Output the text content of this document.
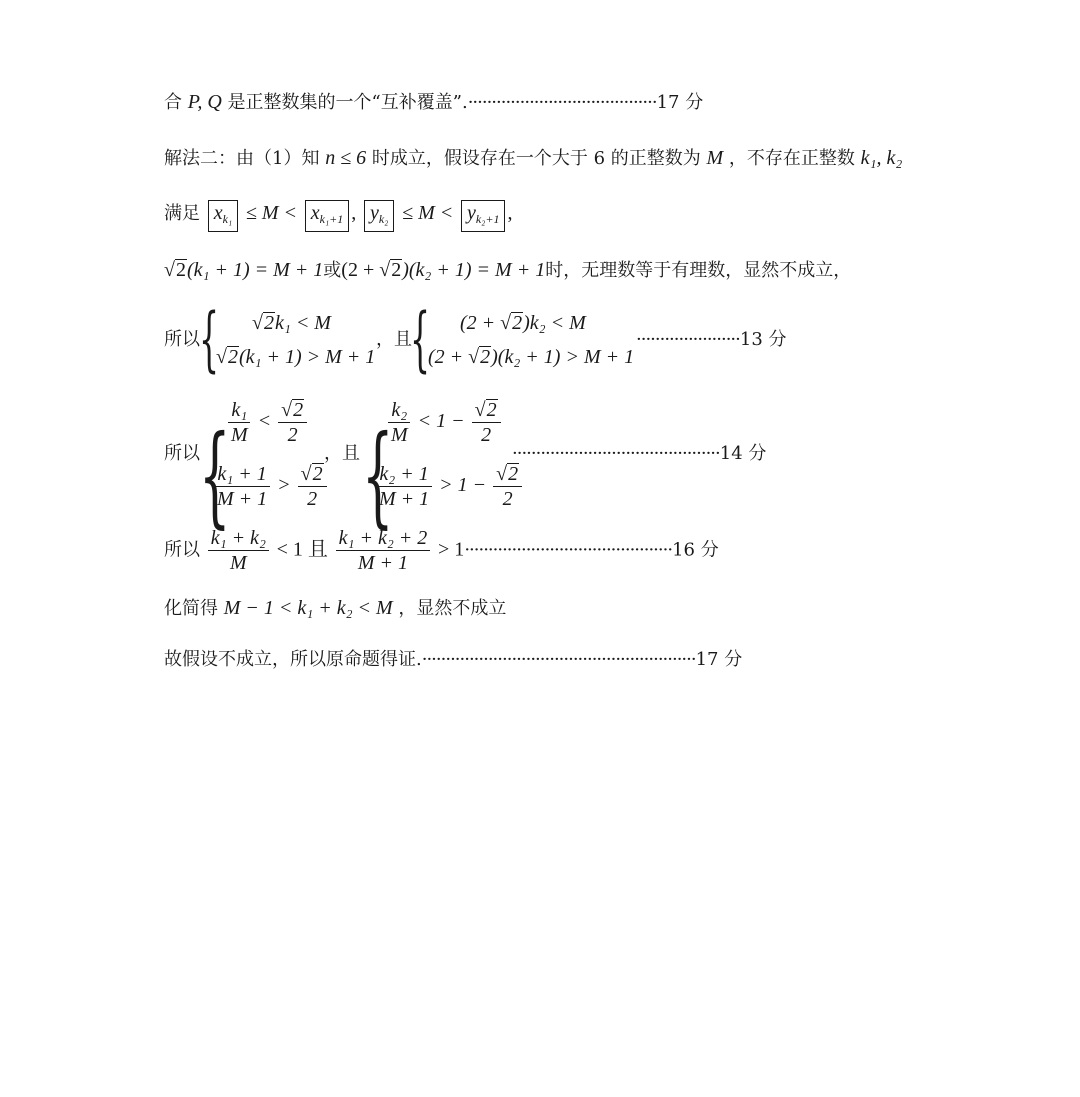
合 P, Q 是正整数集的一个“互补覆盖”.········································17 分
解法二：由（1）知 n ≤ 6 时成立，假设存在一个大于 6 的正整数为 M ，不存在正整数 k₁, k₂
满足 $x_{k_1} \le M < x_{k_1+1}$ , $y_{k_2} \le M < y_{k_2+1}$ ,
√2(k₁ + 1) = M + 1或(2 + √2)(k₂ + 1) = M + 1时，无理数等于有理数，显然不成立，
所以 { √2k₁ < M
√2(k₁ + 1) > M + 1
，且
{ (2 + √2)k₂ < M
(2 + √2)(k₂ + 1) > M + 1
······················13 分
所以 {
$\frac{\text{k₁}}{M} < \frac{√2}{2}$
$\frac{\text{k₁ + 1}}{M + 1} > \frac{√2}{2}$
，且 {
$\frac{\text{k₂}}{M} < 1 - \frac{√2}{2}$
$\frac{\text{k₂ + 1}}{M + 1} > 1 - \frac{√2}{2}$
············································14 分
所以 $\frac{\text{k₁ + k₂}}{M} < 1$ 且 $\frac{\text{k₁ + k₂ + 2}}{M + 1} > 1\cdot\cdot\cdot\cdot\cdot\cdot\cdot\cdot\cdot\cdot\cdot\cdot\cdot\cdot\cdot\cdot\cdot\cdot\cdot\cdot\cdot\cdot\cdot\cdot\cdot\cdot\cdot\cdot\cdot\cdot\cdot\cdot\cdot\cdot\cdot\cdot\cdot\cdot\cdot\cdot\cdot\cdot\cdot\cdot 16$ 分
化简得 M − 1 < k₁ + k₂ < M ，显然不成立
故假设不成立，所以原命题得证.··························································17 分
